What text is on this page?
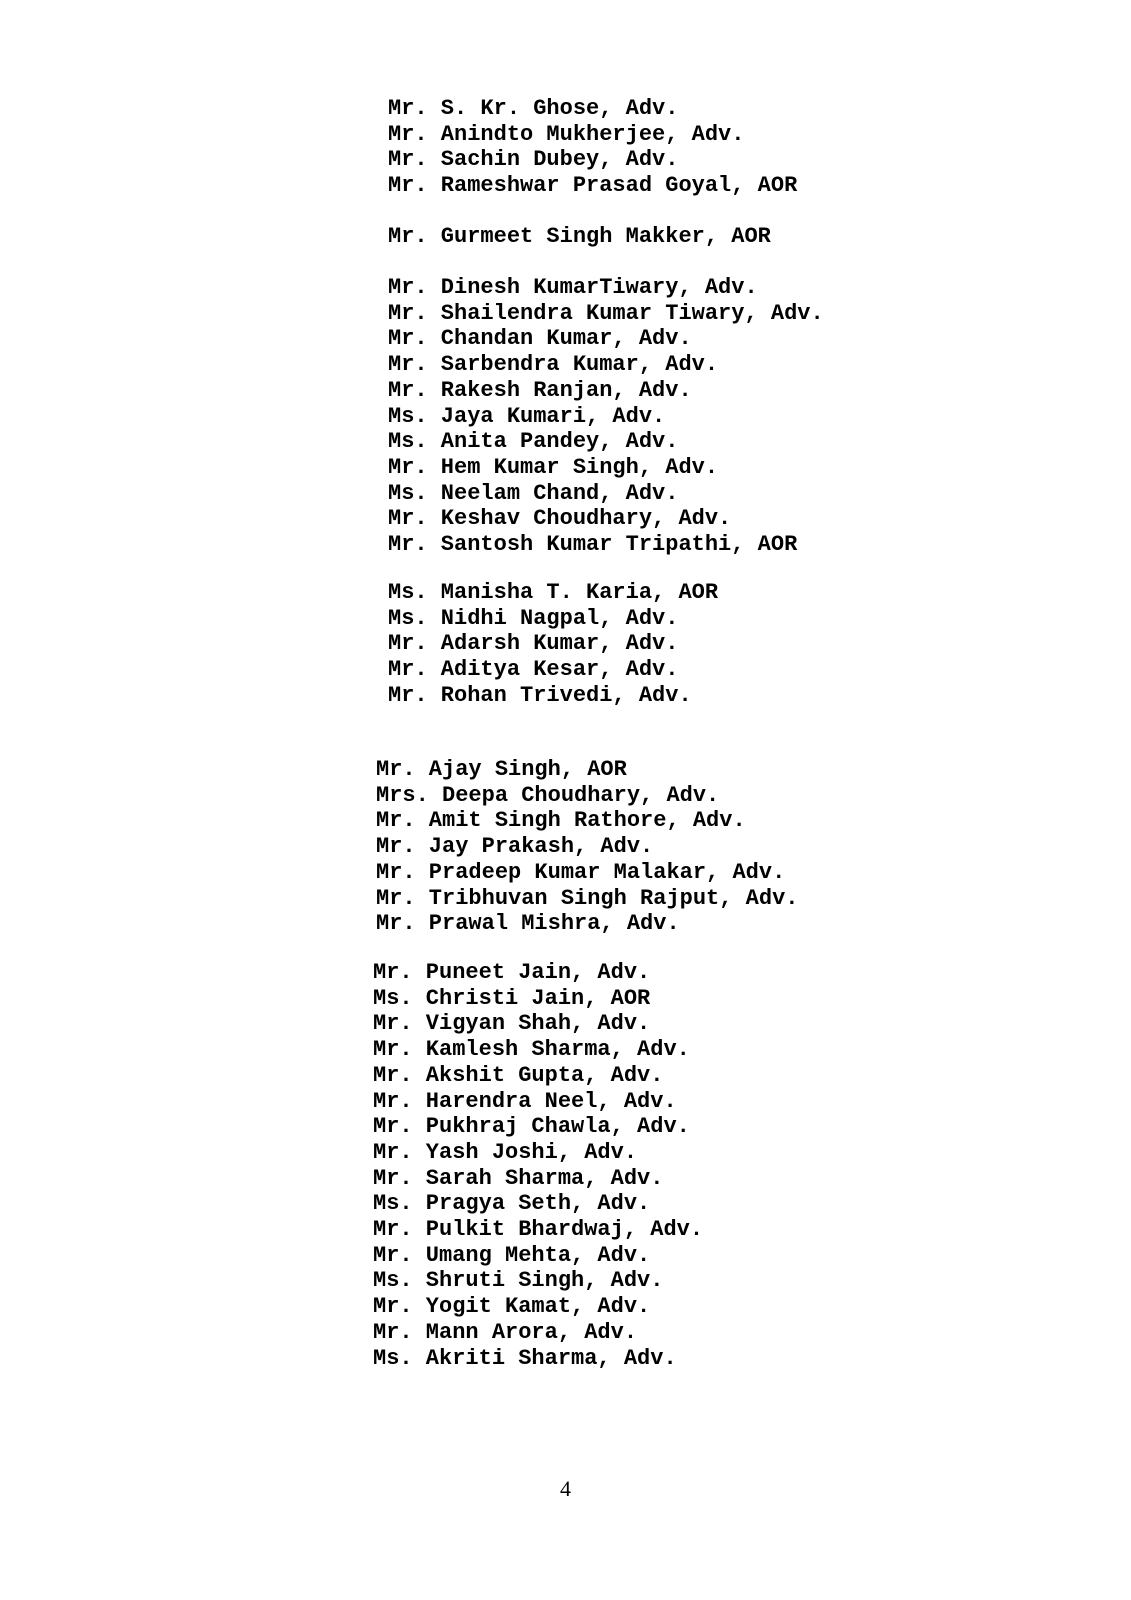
Mr. S. Kr. Ghose, Adv.

Mr. Anindto Mukherjee, Adv.

Mr. Sachin Dubey, Adv.

Mr. Rameshwar Prasad Goyal, AOR

Mr. Gurmeet Singh Makker, AOR

Mr. Dinesh KumarTiwary, Adv.

Mr. Shailendra Kumar Tiwary, Adv.

Mr. Chandan Kumar, Adv.

Mr. Sarbendra Kumar, Adv.

Mr. Rakesh Ranjan, Adv.

Ms. Jaya Kumari, Adv.

Ms. Anita Pandey, Adv.

Mr. Hem Kumar Singh, Adv.

Ms. Neelam Chand, Adv.

Mr. Keshav Choudhary, Adv.

Mr. Santosh Kumar Tripathi, AOR

Ms. Manisha T. Karia, AOR

Ms. Nidhi Nagpal, Adv.

Mr. Adarsh Kumar, Adv.

Mr. Aditya Kesar, Adv.

Mr. Rohan Trivedi, Adv.

Mr. Ajay Singh, AOR

Mrs. Deepa Choudhary, Adv.

Mr. Amit Singh Rathore, Adv.

Mr. Jay Prakash, Adv.

Mr. Pradeep Kumar Malakar, Adv.

Mr. Tribhuvan Singh Rajput, Adv.

Mr. Prawal Mishra, Adv.

Mr. Puneet Jain, Adv.

Ms. Christi Jain, AOR

Mr. Vigyan Shah, Adv.

Mr. Kamlesh Sharma, Adv.

Mr. Akshit Gupta, Adv.

Mr. Harendra Neel, Adv.

Mr. Pukhraj Chawla, Adv.

Mr. Yash Joshi, Adv.

Mr. Sarah Sharma, Adv.

Ms. Pragya Seth, Adv.

Mr. Pulkit Bhardwaj, Adv.

Mr. Umang Mehta, Adv.

Ms. Shruti Singh, Adv.

Mr. Yogit Kamat, Adv.

Mr. Mann Arora, Adv.

Ms. Akriti Sharma, Adv.

4
